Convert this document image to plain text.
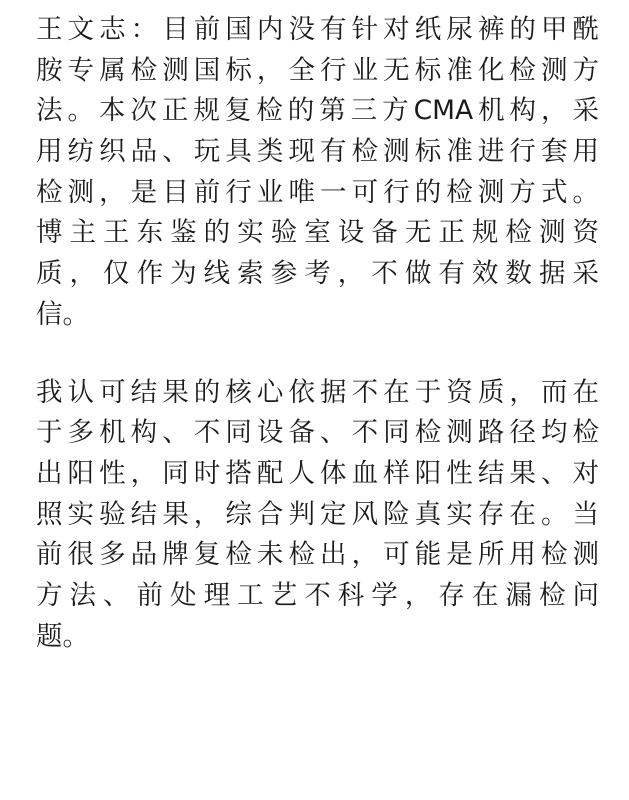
王文志：目前国内没有针对纸尿裤的甲酰
胺专属检测国标，全行业无标准化检测方
法。本次正规复检的第三方CMA机构，采
用纺织品、玩具类现有检测标准进行套用
检测，是目前行业唯一可行的检测方式。
博主王东鉴的实验室设备无正规检测资
质，仅作为线索参考，不做有效数据采
信。
我认可结果的核心依据不在于资质，而在
于多机构、不同设备、不同检测路径均检
出阳性，同时搭配人体血样阳性结果、对
照实验结果，综合判定风险真实存在。当
前很多品牌复检未检出，可能是所用检测
方法、前处理工艺不科学，存在漏检问
题。
